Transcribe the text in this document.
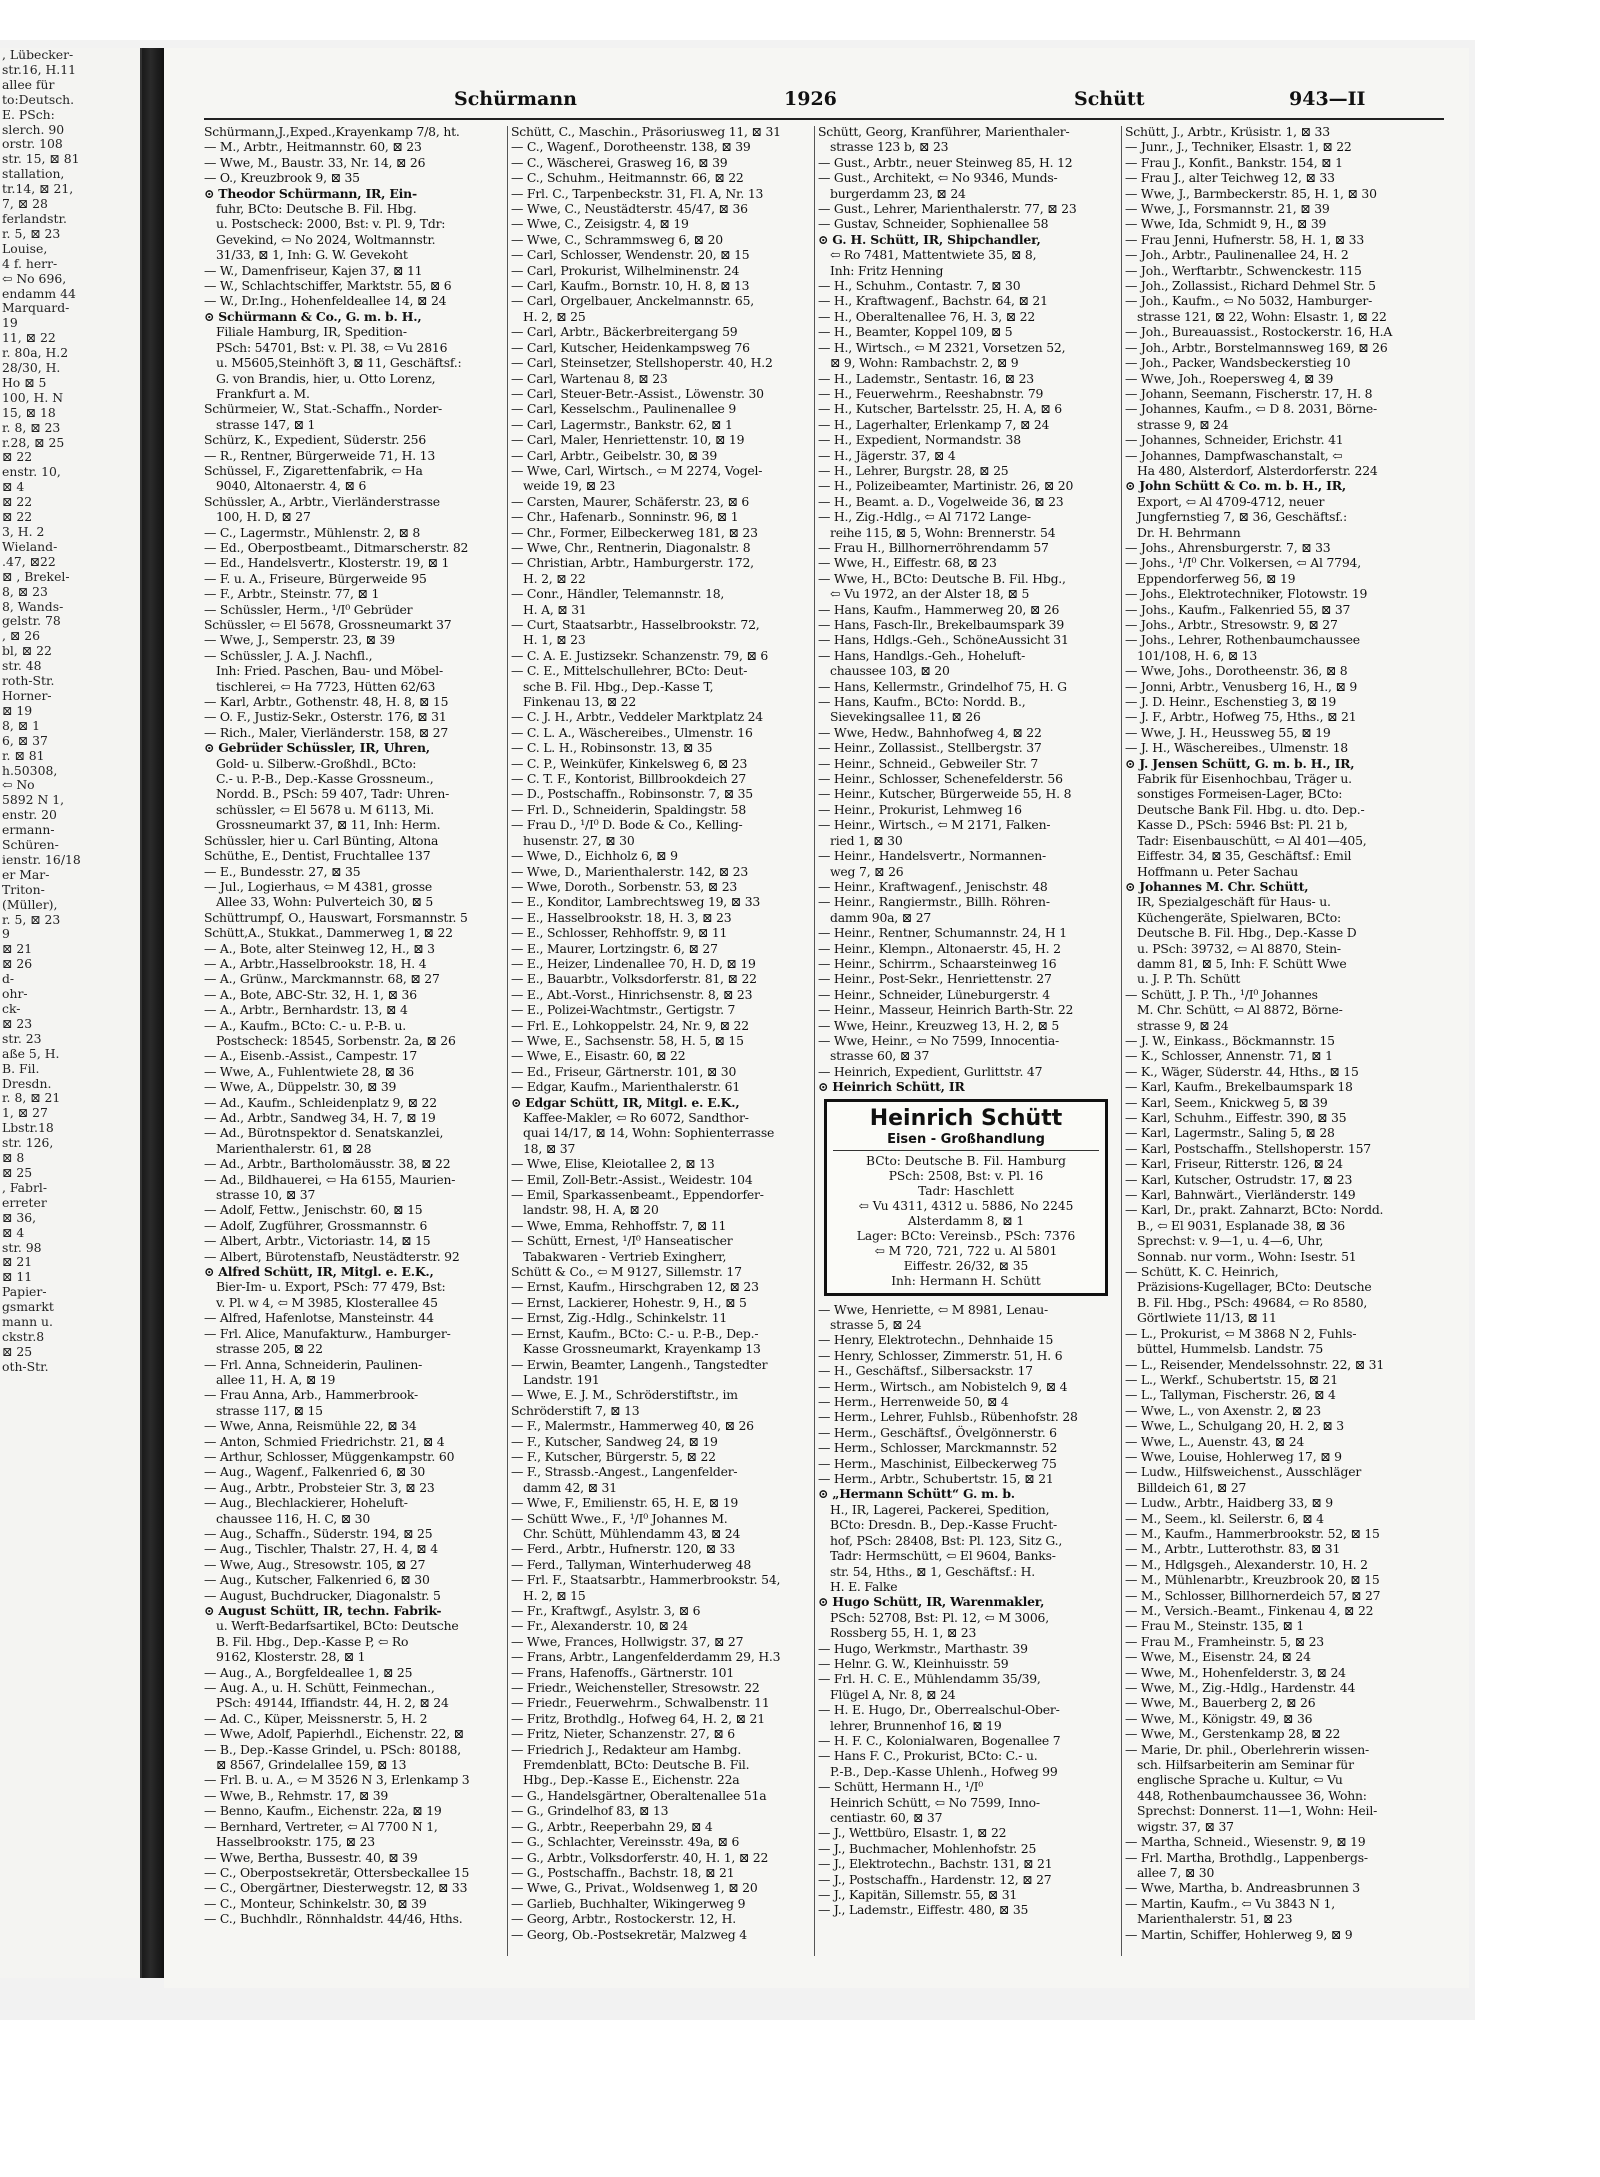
, Lübecker-
str.16, H.11
allee für
to:Deutsch.
E. PSch:
slerch. 90
orstr. 108
str. 15, ⊠ 81
stallation,
tr.14, ⊠ 21,
7, ⊠ 28
ferlandstr.
r. 5, ⊠ 23
Louise,
4 f. herr-
⇦ No 696,
endamm 44
Marquard-
19
11, ⊠ 22
r. 80a, H.2
28/30, H.
Ho ⊠ 5
100, H. N
15, ⊠ 18
r. 8, ⊠ 23
r.28, ⊠ 25
⊠ 22
enstr. 10,
⊠ 4
⊠ 22
⊠ 22
3, H. 2
Wieland-
.47, ⊠22
⊠ , Brekel-
8, ⊠ 23
8, Wands-
gelstr. 78
, ⊠ 26
bl, ⊠ 22
str. 48
roth-Str.
Horner-
⊠ 19
8, ⊠ 1
6, ⊠ 37
r. ⊠ 81
h.50308,
⇦ No
5892 N 1,
enstr. 20
ermann-
Schüren-
ienstr. 16/18
er Mar-
Triton-
(Müller),
r. 5, ⊠ 23
9
⊠ 21
⊠ 26
d-
ohr-
ck-
⊠ 23
str. 23
aße 5, H.
B. Fil.
Dresdn.
r. 8, ⊠ 21
1, ⊠ 27
Lbstr.18
str. 126,
⊠ 8
⊠ 25
, Fabrl-
erreter
⊠ 36,
⊠ 4
str. 98
⊠ 21
⊠ 11
Papier-
gsmarkt
mann u.
ckstr.8
⊠ 25
oth-Str.
Schürmann	1926	Schütt	943—II
Schürmann,J.,Exped.,Krayenkamp 7/8, ht.
— M., Arbtr., Heitmannstr. 60, ⊠ 23
— Wwe, M., Baustr. 33, Nr. 14, ⊠ 26
— O., Kreuzbrook 9, ⊠ 35
⊙ Theodor Schürmann, IR, Ein-
fuhr, BCto: Deutsche B. Fil. Hbg.
u. Postscheck: 2000, Bst: v. Pl. 9, Tdr:
Gevekind, ⇦ No 2024, Woltmannstr.
31/33, ⊠ 1, Inh: G. W. Gevekoht
— W., Damenfriseur, Kajen 37, ⊠ 11
— W., Schlachtschiffer, Marktstr. 55, ⊠ 6
— W., Dr.Ing., Hohenfeldeallee 14, ⊠ 24
⊙ Schürmann & Co., G. m. b. H.,
Filiale Hamburg, IR, Spedition-
PSch: 54701, Bst: v. Pl. 38, ⇦ Vu 2816
u. M5605,Steinhöft 3, ⊠ 11, Geschäftsf.:
G. von Brandis, hier, u. Otto Lorenz,
Frankfurt a. M.
Schürmeier, W., Stat.-Schaffn., Norder-
strasse 147, ⊠ 1
Schürz, K., Expedient, Süderstr. 256
— R., Rentner, Bürgerweide 71, H. 13
Schüssel, F., Zigarettenfabrik, ⇦ Ha
9040, Altonaerstr. 4, ⊠ 6
Schüssler, A., Arbtr., Vierländerstrasse
100, H. D, ⊠ 27
— C., Lagermstr., Mühlenstr. 2, ⊠ 8
— Ed., Oberpostbeamt., Ditmarscherstr. 82
— Ed., Handelsvertr., Klosterstr. 19, ⊠ 1
— F. u. A., Friseure, Bürgerweide 95
— F., Arbtr., Steinstr. 77, ⊠ 1
— Schüssler, Herm., ¹/I⁰ Gebrüder
Schüssler, ⇦ El 5678, Grossneumarkt 37
— Wwe, J., Semperstr. 23, ⊠ 39
— Schüssler, J. A. J. Nachfl.,
Inh: Fried. Paschen, Bau- und Möbel-
tischlerei, ⇦ Ha 7723, Hütten 62/63
— Karl, Arbtr., Gothenstr. 48, H. 8, ⊠ 15
— O. F., Justiz-Sekr., Osterstr. 176, ⊠ 31
— Rich., Maler, Vierländerstr. 158, ⊠ 27
⊙ Gebrüder Schüssler, IR, Uhren,
Gold- u. Silberw.-Großhdl., BCto:
C.- u. P.-B., Dep.-Kasse Grossneum.,
Nordd. B., PSch: 59 407, Tadr: Uhren-
schüssler, ⇦ El 5678 u. M 6113, Mi.
Grossneumarkt 37, ⊠ 11, Inh: Herm.
Schüssler, hier u. Carl Bünting, Altona
Schüthe, E., Dentist, Fruchtallee 137
— E., Bundesstr. 27, ⊠ 35
— Jul., Logierhaus, ⇦ M 4381, grosse
Allee 33, Wohn: Pulverteich 30, ⊠ 5
Schüttrumpf, O., Hauswart, Forsmannstr. 5
Schütt,A., Stukkat., Dammerweg 1, ⊠ 22
— A., Bote, alter Steinweg 12, H., ⊠ 3
— A., Arbtr.,Hasselbrookstr. 18, H. 4
— A., Grünw., Marckmannstr. 68, ⊠ 27
— A., Bote, ABC-Str. 32, H. 1, ⊠ 36
— A., Arbtr., Bernhardstr. 13, ⊠ 4
— A., Kaufm., BCto: C.- u. P.-B. u.
Postscheck: 18545, Sorbenstr. 2a, ⊠ 26
— A., Eisenb.-Assist., Campestr. 17
— Wwe, A., Fuhlentwiete 28, ⊠ 36
— Wwe, A., Düppelstr. 30, ⊠ 39
— Ad., Kaufm., Schleidenplatz 9, ⊠ 22
— Ad., Arbtr., Sandweg 34, H. 7, ⊠ 19
— Ad., Bürotnspektor d. Senatskanzlei,
Marienthalerstr. 61, ⊠ 28
— Ad., Arbtr., Bartholomäusstr. 38, ⊠ 22
— Ad., Bildhauerei, ⇦ Ha 6155, Maurien-
strasse 10, ⊠ 37
— Adolf, Fettw., Jenischstr. 60, ⊠ 15
— Adolf, Zugführer, Grossmannstr. 6
— Albert, Arbtr., Victoriastr. 14, ⊠ 15
— Albert, Bürotenstafb, Neustädterstr. 92
⊙ Alfred Schütt, IR, Mitgl. e. E.K.,
Bier-Im- u. Export, PSch: 77 479, Bst:
v. Pl. w 4, ⇦ M 3985, Klosterallee 45
— Alfred, Hafenlotse, Mansteinstr. 44
— Frl. Alice, Manufakturw., Hamburger-
strasse 205, ⊠ 22
— Frl. Anna, Schneiderin, Paulinen-
allee 11, H. A, ⊠ 19
— Frau Anna, Arb., Hammerbrook-
strasse 117, ⊠ 15
— Wwe, Anna, Reismühle 22, ⊠ 34
— Anton, Schmied Friedrichstr. 21, ⊠ 4
— Arthur, Schlosser, Müggenkampstr. 60
— Aug., Wagenf., Falkenried 6, ⊠ 30
— Aug., Arbtr., Probsteier Str. 3, ⊠ 23
— Aug., Blechlackierer, Hoheluft-
chaussee 116, H. C, ⊠ 30
— Aug., Schaffn., Süderstr. 194, ⊠ 25
— Aug., Tischler, Thalstr. 27, H. 4, ⊠ 4
— Wwe, Aug., Stresowstr. 105, ⊠ 27
— Aug., Kutscher, Falkenried 6, ⊠ 30
— August, Buchdrucker, Diagonalstr. 5
⊙ August Schütt, IR, techn. Fabrik-
u. Werft-Bedarfsartikel, BCto: Deutsche
B. Fil. Hbg., Dep.-Kasse P, ⇦ Ro
9162, Klosterstr. 28, ⊠ 1
— Aug., A., Borgfeldeallee 1, ⊠ 25
— Aug. A., u. H. Schütt, Feinmechan.,
PSch: 49144, Iffiandstr. 44, H. 2, ⊠ 24
— Ad. C., Küper, Meissnerstr. 5, H. 2
— Wwe, Adolf, Papierhdl., Eichenstr. 22, ⊠
— B., Dep.-Kasse Grindel, u. PSch: 80188,
⊠ 8567, Grindelallee 159, ⊠ 13
— Frl. B. u. A., ⇦ M 3526 N 3, Erlenkamp 3
— Wwe, B., Rehmstr. 17, ⊠ 39
— Benno, Kaufm., Eichenstr. 22a, ⊠ 19
— Bernhard, Vertreter, ⇦ Al 7700 N 1,
Hasselbrookstr. 175, ⊠ 23
— Wwe, Bertha, Bussestr. 40, ⊠ 39
— C., Oberpostsekretär, Ottersbeckallee 15
— C., Obergärtner, Diesterwegstr. 12, ⊠ 33
— C., Monteur, Schinkelstr. 30, ⊠ 39
— C., Buchhdlr., Rönnhaldstr. 44/46, Hths.
Schütt, C., Maschin., Präsoriusweg 11, ⊠ 31
— C., Wagenf., Dorotheenstr. 138, ⊠ 39
— C., Wäscherei, Grasweg 16, ⊠ 39
— C., Schuhm., Heitmannstr. 66, ⊠ 22
— Frl. C., Tarpenbeckstr. 31, Fl. A, Nr. 13
— Wwe, C., Neustädterstr. 45/47, ⊠ 36
— Wwe, C., Zeisigstr. 4, ⊠ 19
— Wwe, C., Schrammsweg 6, ⊠ 20
— Carl, Schlosser, Wendenstr. 20, ⊠ 15
— Carl, Prokurist, Wilhelminenstr. 24
— Carl, Kaufm., Bornstr. 10, H. 8, ⊠ 13
— Carl, Orgelbauer, Anckelmannstr. 65,
H. 2, ⊠ 25
— Carl, Arbtr., Bäckerbreitergang 59
— Carl, Kutscher, Heidenkampsweg 76
— Carl, Steinsetzer, Stellshoperstr. 40, H.2
— Carl, Wartenau 8, ⊠ 23
— Carl, Steuer-Betr.-Assist., Löwenstr. 30
— Carl, Kesselschm., Paulinenallee 9
— Carl, Lagermstr., Bankstr. 62, ⊠ 1
— Carl, Maler, Henriettenstr. 10, ⊠ 19
— Carl, Arbtr., Geibelstr. 30, ⊠ 39
— Wwe, Carl, Wirtsch., ⇦ M 2274, Vogel-
weide 19, ⊠ 23
— Carsten, Maurer, Schäferstr. 23, ⊠ 6
— Chr., Hafenarb., Sonninstr. 96, ⊠ 1
— Chr., Former, Eilbeckerweg 181, ⊠ 23
— Wwe, Chr., Rentnerin, Diagonalstr. 8
— Christian, Arbtr., Hamburgerstr. 172,
H. 2, ⊠ 22
— Conr., Händler, Telemannstr. 18,
H. A, ⊠ 31
— Curt, Staatsarbtr., Hasselbrookstr. 72,
H. 1, ⊠ 23
— C. A. E. Justizsekr. Schanzenstr. 79, ⊠ 6
— C. E., Mittelschullehrer, BCto: Deut-
sche B. Fil. Hbg., Dep.-Kasse T,
Finkenau 13, ⊠ 22
— C. J. H., Arbtr., Veddeler Marktplatz 24
— C. L. A., Wäschereibes., Ulmenstr. 16
— C. L. H., Robinsonstr. 13, ⊠ 35
— C. P., Weinküfer, Kinkelsweg 6, ⊠ 23
— C. T. F., Kontorist, Billbrookdeich 27
— D., Postschaffn., Robinsonstr. 7, ⊠ 35
— Frl. D., Schneiderin, Spaldingstr. 58
— Frau D., ¹/I⁰ D. Bode & Co., Kelling-
husenstr. 27, ⊠ 30
— Wwe, D., Eichholz 6, ⊠ 9
— Wwe, D., Marienthalerstr. 142, ⊠ 23
— Wwe, Doroth., Sorbenstr. 53, ⊠ 23
— E., Konditor, Lambrechtsweg 19, ⊠ 33
— E., Hasselbrookstr. 18, H. 3, ⊠ 23
— E., Schlosser, Rehhoffstr. 9, ⊠ 11
— E., Maurer, Lortzingstr. 6, ⊠ 27
— E., Heizer, Lindenallee 70, H. D, ⊠ 19
— E., Bauarbtr., Volksdorferstr. 81, ⊠ 22
— E., Abt.-Vorst., Hinrichsenstr. 8, ⊠ 23
— E., Polizei-Wachtmstr., Gertigstr. 7
— Frl. E., Lohkoppelstr. 24, Nr. 9, ⊠ 22
— Wwe, E., Sachsenstr. 58, H. 5, ⊠ 15
— Wwe, E., Eisastr. 60, ⊠ 22
— Ed., Friseur, Gärtnerstr. 101, ⊠ 30
— Edgar, Kaufm., Marienthalerstr. 61
⊙ Edgar Schütt, IR, Mitgl. e. E.K.,
Kaffee-Makler, ⇦ Ro 6072, Sandthor-
quai 14/17, ⊠ 14, Wohn: Sophienterrasse
18, ⊠ 37
— Wwe, Elise, Kleiotallee 2, ⊠ 13
— Emil, Zoll-Betr.-Assist., Weidestr. 104
— Emil, Sparkassenbeamt., Eppendorfer-
landstr. 98, H. A, ⊠ 20
— Wwe, Emma, Rehhoffstr. 7, ⊠ 11
— Schütt, Ernest, ¹/I⁰ Hanseatischer
Tabakwaren - Vertrieb Exingherr,
Schütt & Co., ⇦ M 9127, Sillemstr. 17
— Ernst, Kaufm., Hirschgraben 12, ⊠ 23
— Ernst, Lackierer, Hohestr. 9, H., ⊠ 5
— Ernst, Zig.-Hdlg., Schinkelstr. 11
— Ernst, Kaufm., BCto: C.- u. P.-B., Dep.-
Kasse Grossneumarkt, Krayenkamp 13
— Erwin, Beamter, Langenh., Tangstedter
Landstr. 191
— Wwe, E. J. M., Schröderstiftstr., im
Schröderstift 7, ⊠ 13
— F., Malermstr., Hammerweg 40, ⊠ 26
— F., Kutscher, Sandweg 24, ⊠ 19
— F., Kutscher, Bürgerstr. 5, ⊠ 22
— F., Strassb.-Angest., Langenfelder-
damm 42, ⊠ 31
— Wwe, F., Emilienstr. 65, H. E, ⊠ 19
— Schütt Wwe., F., ¹/I⁰ Johannes M.
Chr. Schütt, Mühlendamm 43, ⊠ 24
— Ferd., Arbtr., Hufnerstr. 120, ⊠ 33
— Ferd., Tallyman, Winterhuderweg 48
— Frl. F., Staatsarbtr., Hammerbrookstr. 54,
H. 2, ⊠ 15
— Fr., Kraftwgf., Asylstr. 3, ⊠ 6
— Fr., Alexanderstr. 10, ⊠ 24
— Wwe, Frances, Hollwigstr. 37, ⊠ 27
— Frans, Arbtr., Langenfelderdamm 29, H.3
— Frans, Hafenoffs., Gärtnerstr. 101
— Friedr., Weichensteller, Stresowstr. 22
— Friedr., Feuerwehrm., Schwalbenstr. 11
— Fritz, Brothdlg., Hofweg 64, H. 2, ⊠ 21
— Fritz, Nieter, Schanzenstr. 27, ⊠ 6
— Friedrich J., Redakteur am Hambg.
Fremdenblatt, BCto: Deutsche B. Fil.
Hbg., Dep.-Kasse E., Eichenstr. 22a
— G., Handelsgärtner, Oberaltenallee 51a
— G., Grindelhof 83, ⊠ 13
— G., Arbtr., Reeperbahn 29, ⊠ 4
— G., Schlachter, Vereinsstr. 49a, ⊠ 6
— G., Arbtr., Volksdorferstr. 40, H. 1, ⊠ 22
— G., Postschaffn., Bachstr. 18, ⊠ 21
— Wwe, G., Privat., Woldsenweg 1, ⊠ 20
— Garlieb, Buchhalter, Wikingerweg 9
— Georg, Arbtr., Rostockerstr. 12, H.
— Georg, Ob.-Postsekretär, Malzweg 4
Schütt, Georg, Kranführer, Marienthaler-
strasse 123 b, ⊠ 23
— Gust., Arbtr., neuer Steinweg 85, H. 12
— Gust., Architekt, ⇦ No 9346, Munds-
burgerdamm 23, ⊠ 24
— Gust., Lehrer, Marienthalerstr. 77, ⊠ 23
— Gustav, Schneider, Sophienallee 58
⊙ G. H. Schütt, IR, Shipchandler,
⇦ Ro 7481, Mattentwiete 35, ⊠ 8,
Inh: Fritz Henning
— H., Schuhm., Contastr. 7, ⊠ 30
— H., Kraftwagenf., Bachstr. 64, ⊠ 21
— H., Oberaltenallee 76, H. 3, ⊠ 22
— H., Beamter, Koppel 109, ⊠ 5
— H., Wirtsch., ⇦ M 2321, Vorsetzen 52,
⊠ 9, Wohn: Rambachstr. 2, ⊠ 9
— H., Lademstr., Sentastr. 16, ⊠ 23
— H., Feuerwehrm., Reeshabnstr. 79
— H., Kutscher, Bartelsstr. 25, H. A, ⊠ 6
— H., Lagerhalter, Erlenkamp 7, ⊠ 24
— H., Expedient, Normandstr. 38
— H., Jägerstr. 37, ⊠ 4
— H., Lehrer, Burgstr. 28, ⊠ 25
— H., Polizeibeamter, Martinistr. 26, ⊠ 20
— H., Beamt. a. D., Vogelweide 36, ⊠ 23
— H., Zig.-Hdlg., ⇦ Al 7172 Lange-
reihe 115, ⊠ 5, Wohn: Brennerstr. 54
— Frau H., Billhornerröhrendamm 57
— Wwe, H., Eiffestr. 68, ⊠ 23
— Wwe, H., BCto: Deutsche B. Fil. Hbg.,
⇦ Vu 1972, an der Alster 18, ⊠ 5
— Hans, Kaufm., Hammerweg 20, ⊠ 26
— Hans, Fasch-Ilr., Brekelbaumspark 39
— Hans, Hdlgs.-Geh., SchöneAussicht 31
— Hans, Handlgs.-Geh., Hoheluft-
chaussee 103, ⊠ 20
— Hans, Kellermstr., Grindelhof 75, H. G
— Hans, Kaufm., BCto: Nordd. B.,
Sievekingsallee 11, ⊠ 26
— Wwe, Hedw., Bahnhofweg 4, ⊠ 22
— Heinr., Zollassist., Stellbergstr. 37
— Heinr., Schneid., Gebweiler Str. 7
— Heinr., Schlosser, Schenefelderstr. 56
— Heinr., Kutscher, Bürgerweide 55, H. 8
— Heinr., Prokurist, Lehmweg 16
— Heinr., Wirtsch., ⇦ M 2171, Falken-
ried 1, ⊠ 30
— Heinr., Handelsvertr., Normannen-
weg 7, ⊠ 26
— Heinr., Kraftwagenf., Jenischstr. 48
— Heinr., Rangiermstr., Billh. Röhren-
damm 90a, ⊠ 27
— Heinr., Rentner, Schumannstr. 24, H 1
— Heinr., Klempn., Altonaerstr. 45, H. 2
— Heinr., Schirrm., Schaarsteinweg 16
— Heinr., Post-Sekr., Henriettenstr. 27
— Heinr., Schneider, Lüneburgerstr. 4
— Heinr., Masseur, Heinrich Barth-Str. 22
— Wwe, Heinr., Kreuzweg 13, H. 2, ⊠ 5
— Wwe, Heinr., ⇦ No 7599, Innocentia-
strasse 60, ⊠ 37
— Heinrich, Expedient, Gurlittstr. 47
⊙ Heinrich Schütt, IR
Heinrich Schütt
Eisen - Großhandlung
BCto: Deutsche B. Fil. Hamburg
PSch: 2508, Bst: v. Pl. 16
Tadr: Haschlett
⇦ Vu 4311, 4312 u. 5886, No 2245
Alsterdamm 8, ⊠ 1
Lager: BCto: Vereinsb., PSch: 7376
⇦ M 720, 721, 722 u. Al 5801
Eiffestr. 26/32, ⊠ 35
Inh: Hermann H. Schütt
— Wwe, Henriette, ⇦ M 8981, Lenau-
strasse 5, ⊠ 24
— Henry, Elektrotechn., Dehnhaide 15
— Henry, Schlosser, Zimmerstr. 51, H. 6
— H., Geschäftsf., Silbersackstr. 17
— Herm., Wirtsch., am Nobistelch 9, ⊠ 4
— Herm., Herrenweide 50, ⊠ 4
— Herm., Lehrer, Fuhlsb., Rübenhofstr. 28
— Herm., Geschäftsf., Övelgönnerstr. 6
— Herm., Schlosser, Marckmannstr. 52
— Herm., Maschinist, Eilbeckerweg 75
— Herm., Arbtr., Schubertstr. 15, ⊠ 21
⊙ „Hermann Schütt“ G. m. b.
H., IR, Lagerei, Packerei, Spedition,
BCto: Dresdn. B., Dep.-Kasse Frucht-
hof, PSch: 28408, Bst: Pl. 123, Sitz G.,
Tadr: Hermschütt, ⇦ El 9604, Banks-
str. 54, Hths., ⊠ 1, Geschäftsf.: H.
H. E. Falke
⊙ Hugo Schütt, IR, Warenmakler,
PSch: 52708, Bst: Pl. 12, ⇦ M 3006,
Rossberg 55, H. 1, ⊠ 23
— Hugo, Werkmstr., Marthastr. 39
— Helnr. G. W., Kleinhuisstr. 59
— Frl. H. C. E., Mühlendamm 35/39,
Flügel A, Nr. 8, ⊠ 24
— H. E. Hugo, Dr., Oberrealschul-Ober-
lehrer, Brunnenhof 16, ⊠ 19
— H. F. C., Kolonialwaren, Bogenallee 7
— Hans F. C., Prokurist, BCto: C.- u.
P.-B., Dep.-Kasse Uhlenh., Hofweg 99
— Schütt, Hermann H., ¹/I⁰
Heinrich Schütt, ⇦ No 7599, Inno-
centiastr. 60, ⊠ 37
— J., Wettbüro, Elsastr. 1, ⊠ 22
— J., Buchmacher, Mohlenhofstr. 25
— J., Elektrotechn., Bachstr. 131, ⊠ 21
— J., Postschaffn., Hardenstr. 12, ⊠ 27
— J., Kapitän, Sillemstr. 55, ⊠ 31
— J., Lademstr., Eiffestr. 480, ⊠ 35
Schütt, J., Arbtr., Krüsistr. 1, ⊠ 33
— Junr., J., Techniker, Elsastr. 1, ⊠ 22
— Frau J., Konfit., Bankstr. 154, ⊠ 1
— Frau J., alter Teichweg 12, ⊠ 33
— Wwe, J., Barmbeckerstr. 85, H. 1, ⊠ 30
— Wwe, J., Forsmannstr. 21, ⊠ 39
— Wwe, Ida, Schmidt 9, H., ⊠ 39
— Frau Jenni, Hufnerstr. 58, H. 1, ⊠ 33
— Joh., Arbtr., Paulinenallee 24, H. 2
— Joh., Werftarbtr., Schwenckestr. 115
— Joh., Zollassist., Richard Dehmel Str. 5
— Joh., Kaufm., ⇦ No 5032, Hamburger-
strasse 121, ⊠ 22, Wohn: Elsastr. 1, ⊠ 22
— Joh., Bureauassist., Rostockerstr. 16, H.A
— Joh., Arbtr., Borstelmannsweg 169, ⊠ 26
— Joh., Packer, Wandsbeckerstieg 10
— Wwe, Joh., Roepersweg 4, ⊠ 39
— Johann, Seemann, Fischerstr. 17, H. 8
— Johannes, Kaufm., ⇦ D 8. 2031, Börne-
strasse 9, ⊠ 24
— Johannes, Schneider, Erichstr. 41
— Johannes, Dampfwaschanstalt, ⇦
Ha 480, Alsterdorf, Alsterdorferstr. 224
⊙ John Schütt & Co. m. b. H., IR,
Export, ⇦ Al 4709-4712, neuer
Jungfernstieg 7, ⊠ 36, Geschäftsf.:
Dr. H. Behrmann
— Johs., Ahrensburgerstr. 7, ⊠ 33
— Johs., ¹/I⁰ Chr. Volkersen, ⇦ Al 7794,
Eppendorferweg 56, ⊠ 19
— Johs., Elektrotechniker, Flotowstr. 19
— Johs., Kaufm., Falkenried 55, ⊠ 37
— Johs., Arbtr., Stresowstr. 9, ⊠ 27
— Johs., Lehrer, Rothenbaumchaussee
101/108, H. 6, ⊠ 13
— Wwe, Johs., Dorotheenstr. 36, ⊠ 8
— Jonni, Arbtr., Venusberg 16, H., ⊠ 9
— J. D. Heinr., Eschenstieg 3, ⊠ 19
— J. F., Arbtr., Hofweg 75, Hths., ⊠ 21
— Wwe, J. H., Heussweg 55, ⊠ 19
— J. H., Wäschereibes., Ulmenstr. 18
⊙ J. Jensen Schütt, G. m. b. H., IR,
Fabrik für Eisenhochbau, Träger u.
sonstiges Formeisen-Lager, BCto:
Deutsche Bank Fil. Hbg. u. dto. Dep.-
Kasse D., PSch: 5946 Bst: Pl. 21 b,
Tadr: Eisenbauschütt, ⇦ Al 401—405,
Eiffestr. 34, ⊠ 35, Geschäftsf.: Emil
Hoffmann u. Peter Sachau
⊙ Johannes M. Chr. Schütt,
IR, Spezialgeschäft für Haus- u.
Küchengeräte, Spielwaren, BCto:
Deutsche B. Fil. Hbg., Dep.-Kasse D
u. PSch: 39732, ⇦ Al 8870, Stein-
damm 81, ⊠ 5, Inh: F. Schütt Wwe
u. J. P. Th. Schütt
— Schütt, J. P. Th., ¹/I⁰ Johannes
M. Chr. Schütt, ⇦ Al 8872, Börne-
strasse 9, ⊠ 24
— J. W., Einkass., Böckmannstr. 15
— K., Schlosser, Annenstr. 71, ⊠ 1
— K., Wäger, Süderstr. 44, Hths., ⊠ 15
— Karl, Kaufm., Brekelbaumspark 18
— Karl, Seem., Knickweg 5, ⊠ 39
— Karl, Schuhm., Eiffestr. 390, ⊠ 35
— Karl, Lagermstr., Saling 5, ⊠ 28
— Karl, Postschaffn., Stellshoperstr. 157
— Karl, Friseur, Ritterstr. 126, ⊠ 24
— Karl, Kutscher, Ostrudstr. 17, ⊠ 23
— Karl, Bahnwärt., Vierländerstr. 149
— Karl, Dr., prakt. Zahnarzt, BCto: Nordd.
B., ⇦ El 9031, Esplanade 38, ⊠ 36
Sprechst: v. 9—1, u. 4—6, Uhr,
Sonnab. nur vorm., Wohn: Isestr. 51
— Schütt, K. C. Heinrich,
Präzisions-Kugellager, BCto: Deutsche
B. Fil. Hbg., PSch: 49684, ⇦ Ro 8580,
Görtlwiete 11/13, ⊠ 11
— L., Prokurist, ⇦ M 3868 N 2, Fuhls-
büttel, Hummelsb. Landstr. 75
— L., Reisender, Mendelssohnstr. 22, ⊠ 31
— L., Werkf., Schubertstr. 15, ⊠ 21
— L., Tallyman, Fischerstr. 26, ⊠ 4
— Wwe, L., von Axenstr. 2, ⊠ 23
— Wwe, L., Schulgang 20, H. 2, ⊠ 3
— Wwe, L., Auenstr. 43, ⊠ 24
— Wwe, Louise, Hohlerweg 17, ⊠ 9
— Ludw., Hilfsweichenst., Ausschläger
Billdeich 61, ⊠ 27
— Ludw., Arbtr., Haidberg 33, ⊠ 9
— M., Seem., kl. Seilerstr. 6, ⊠ 4
— M., Kaufm., Hammerbrookstr. 52, ⊠ 15
— M., Arbtr., Lutterothstr. 83, ⊠ 31
— M., Hdlgsgeh., Alexanderstr. 10, H. 2
— M., Mühlenarbtr., Kreuzbrook 20, ⊠ 15
— M., Schlosser, Billhornerdeich 57, ⊠ 27
— M., Versich.-Beamt., Finkenau 4, ⊠ 22
— Frau M., Steinstr. 135, ⊠ 1
— Frau M., Framheinstr. 5, ⊠ 23
— Wwe, M., Eisenstr. 24, ⊠ 24
— Wwe, M., Hohenfelderstr. 3, ⊠ 24
— Wwe, M., Zig.-Hdlg., Hardenstr. 44
— Wwe, M., Bauerberg 2, ⊠ 26
— Wwe, M., Königstr. 49, ⊠ 36
— Wwe, M., Gerstenkamp 28, ⊠ 22
— Marie, Dr. phil., Oberlehrerin wissen-
sch. Hilfsarbeiterin am Seminar für
englische Sprache u. Kultur, ⇦ Vu
448, Rothenbaumchaussee 36, Wohn:
Sprechst: Donnerst. 11—1, Wohn: Heil-
wigstr. 37, ⊠ 37
— Martha, Schneid., Wiesenstr. 9, ⊠ 19
— Frl. Martha, Brothdlg., Lappenbergs-
allee 7, ⊠ 30
— Wwe, Martha, b. Andreasbrunnen 3
— Martin, Kaufm., ⇦ Vu 3843 N 1,
Marienthalerstr. 51, ⊠ 23
— Martin, Schiffer, Hohlerweg 9, ⊠ 9
